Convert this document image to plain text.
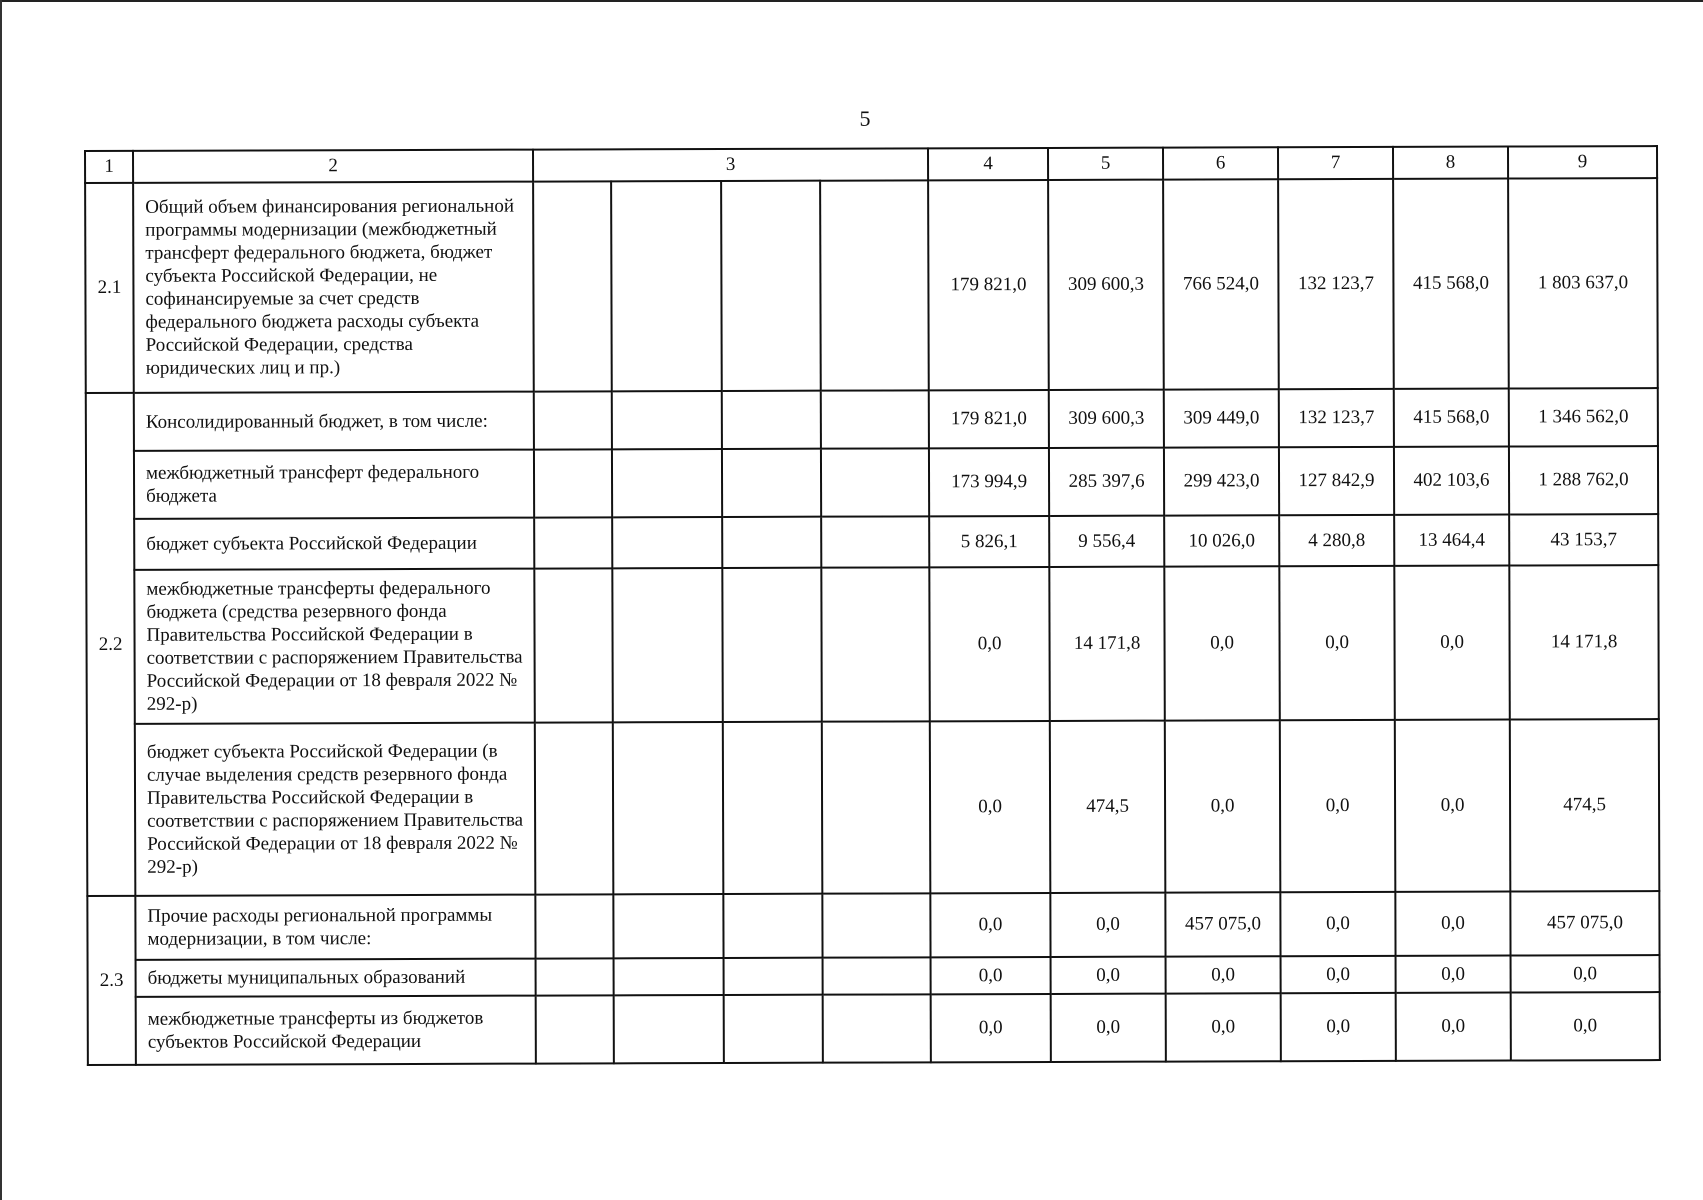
5
1	2	3				4	5	6	7	8	9
2.1	Общий объем финансирования региональной программы модернизации (межбюджетный трансферт федерального бюджета, бюджет субъекта Российской Федерации, не софинансируемые за счет средств федерального бюджета расходы субъекта Российской Федерации, средства юридических лиц и пр.)					179 821,0	309 600,3	766 524,0	132 123,7	415 568,0	1 803 637,0
2.2	Консолидированный бюджет, в том числе:					179 821,0	309 600,3	309 449,0	132 123,7	415 568,0	1 346 562,0
	межбюджетный трансферт федерального бюджета					173 994,9	285 397,6	299 423,0	127 842,9	402 103,6	1 288 762,0
	бюджет субъекта Российской Федерации					5 826,1	9 556,4	10 026,0	4 280,8	13 464,4	43 153,7
	межбюджетные трансферты федерального бюджета (средства резервного фонда Правительства Российской Федерации в соответствии с распоряжением Правительства Российской Федерации от 18 февраля 2022 № 292-р)					0,0	14 171,8	0,0	0,0	0,0	14 171,8
	бюджет субъекта Российской Федерации (в случае выделения средств резервного фонда Правительства Российской Федерации в соответствии с распоряжением Правительства Российской Федерации от 18 февраля 2022 № 292-р)					0,0	474,5	0,0	0,0	0,0	474,5
2.3	Прочие расходы региональной программы модернизации, в том числе:					0,0	0,0	457 075,0	0,0	0,0	457 075,0
	бюджеты муниципальных образований					0,0	0,0	0,0	0,0	0,0	0,0
	межбюджетные трансферты из бюджетов субъектов Российской Федерации					0,0	0,0	0,0	0,0	0,0	0,0
